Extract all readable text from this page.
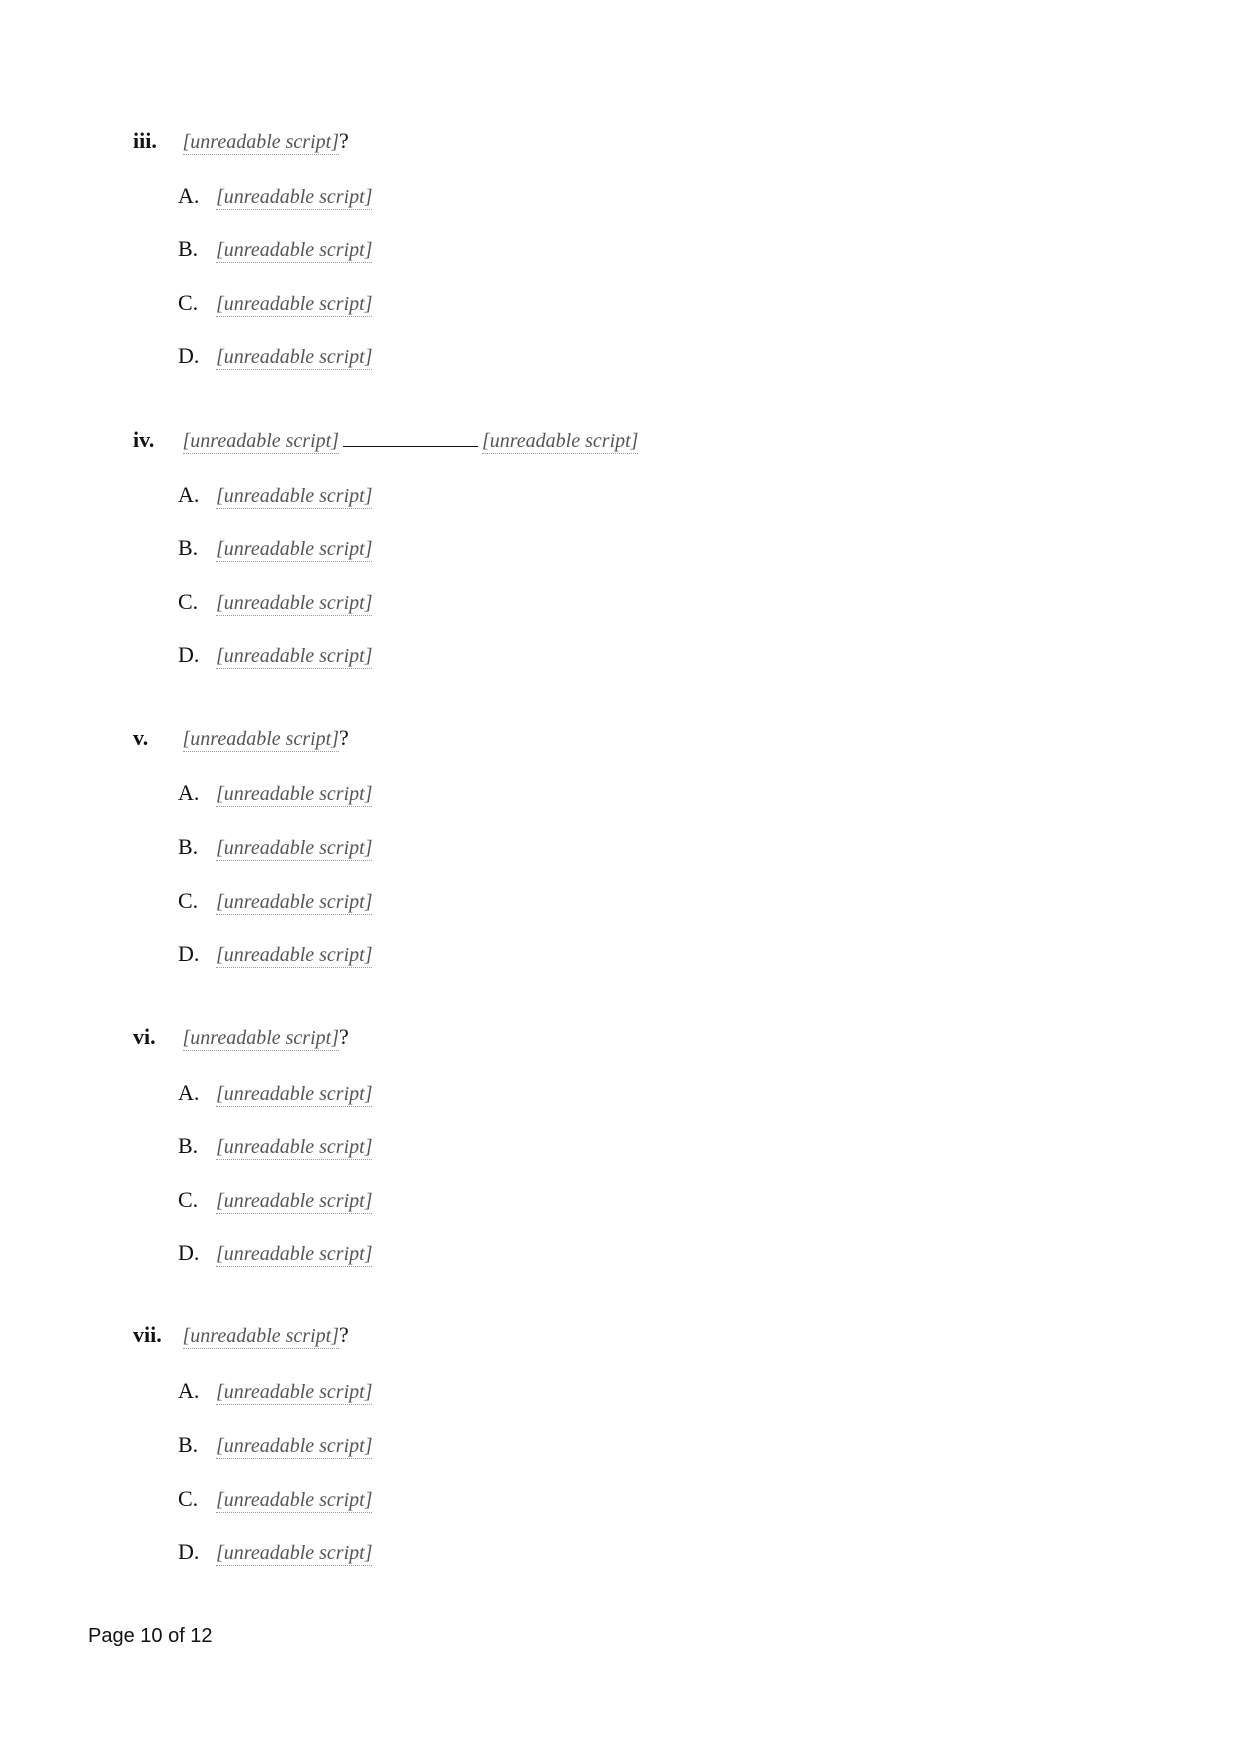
iii. [unreadable script]?
A. [unreadable script]
B. [unreadable script]
C. [unreadable script]
D. [unreadable script]
iv. [unreadable script]	[unreadable script]
A. [unreadable script]
B. [unreadable script]
C. [unreadable script]
D. [unreadable script]
v. [unreadable script]?
A. [unreadable script]
B. [unreadable script]
C. [unreadable script]
D. [unreadable script]
vi. [unreadable script]?
A. [unreadable script]
B. [unreadable script]
C. [unreadable script]
D. [unreadable script]
vii. [unreadable script]?
A. [unreadable script]
B. [unreadable script]
C. [unreadable script]
D. [unreadable script]
Page 10 of 12
